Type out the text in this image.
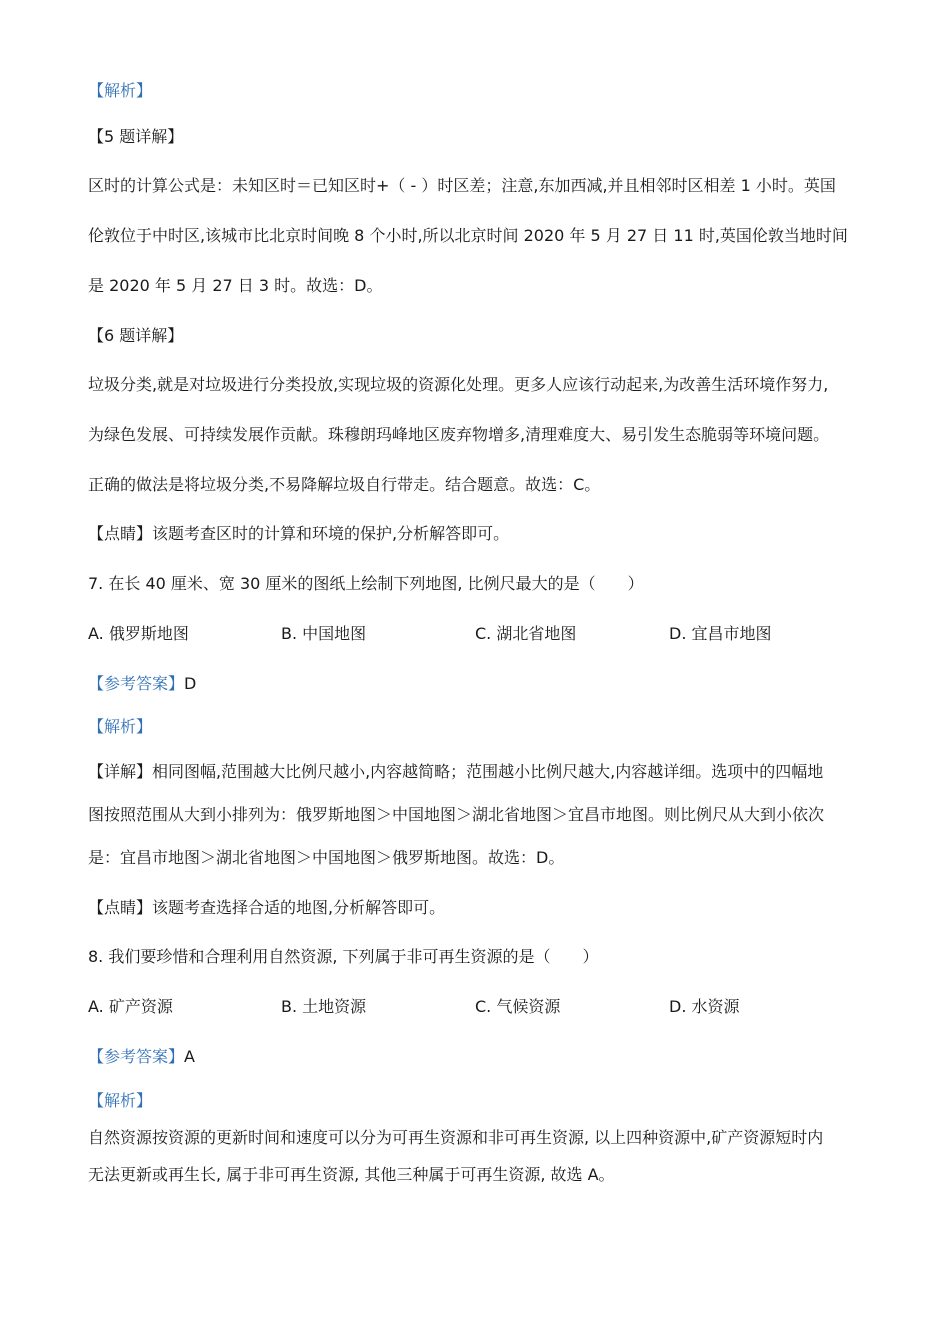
【解析】
【5 题详解】
区时的计算公式是：未知区时＝已知区时+（ - ）时区差；注意,东加西减,并且相邻时区相差 1 小时。英国
伦敦位于中时区,该城市比北京时间晚 8 个小时,所以北京时间 2020 年 5 月 27 日 11 时,英国伦敦当地时间
是 2020 年 5 月 27 日 3 时。故选：D。
【6 题详解】
垃圾分类,就是对垃圾进行分类投放,实现垃圾的资源化处理。更多人应该行动起来,为改善生活环境作努力,
为绿色发展、可持续发展作贡献。珠穆朗玛峰地区废弃物增多,清理难度大、易引发生态脆弱等环境问题。
正确的做法是将垃圾分类,不易降解垃圾自行带走。结合题意。故选：C。
【点睛】该题考查区时的计算和环境的保护,分析解答即可。
7. 在长 40 厘米、宽 30 厘米的图纸上绘制下列地图, 比例尺最大的是（　　）
A. 俄罗斯地图	B. 中国地图	C. 湖北省地图	D. 宜昌市地图
【参考答案】D
【解析】
【详解】相同图幅,范围越大比例尺越小,内容越简略；范围越小比例尺越大,内容越详细。选项中的四幅地
图按照范围从大到小排列为：俄罗斯地图＞中国地图＞湖北省地图＞宜昌市地图。则比例尺从大到小依次
是：宜昌市地图＞湖北省地图＞中国地图＞俄罗斯地图。故选：D。
【点睛】该题考查选择合适的地图,分析解答即可。
8. 我们要珍惜和合理利用自然资源, 下列属于非可再生资源的是（　　）
A. 矿产资源	B. 土地资源	C. 气候资源	D. 水资源
【参考答案】A
【解析】
自然资源按资源的更新时间和速度可以分为可再生资源和非可再生资源, 以上四种资源中,矿产资源短时内
无法更新或再生长, 属于非可再生资源, 其他三种属于可再生资源, 故选 A。
